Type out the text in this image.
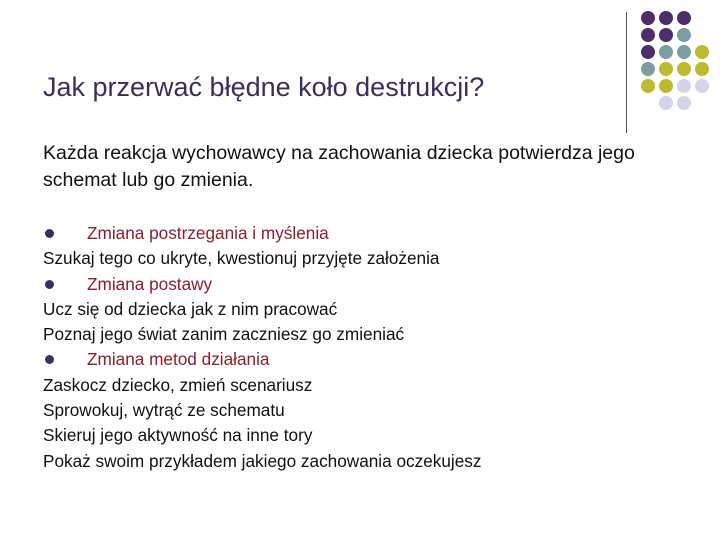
Jak przerwać błędne koło destrukcji?

Każda reakcja wychowawcy na zachowania dziecka potwierdza jego schemat lub go zmienia.

Zmiana postrzegania i myślenia
Szukaj tego co ukryte, kwestionuj przyjęte założenia
Zmiana postawy
Ucz się od dziecka jak z nim pracować
Poznaj jego świat zanim zaczniesz go zmieniać
Zmiana metod działania
Zaskocz dziecko, zmień scenariusz
Sprowokuj, wytrąć ze schematu
Skieruj jego aktywność na inne tory
Pokaż swoim przykładem jakiego zachowania oczekujesz
